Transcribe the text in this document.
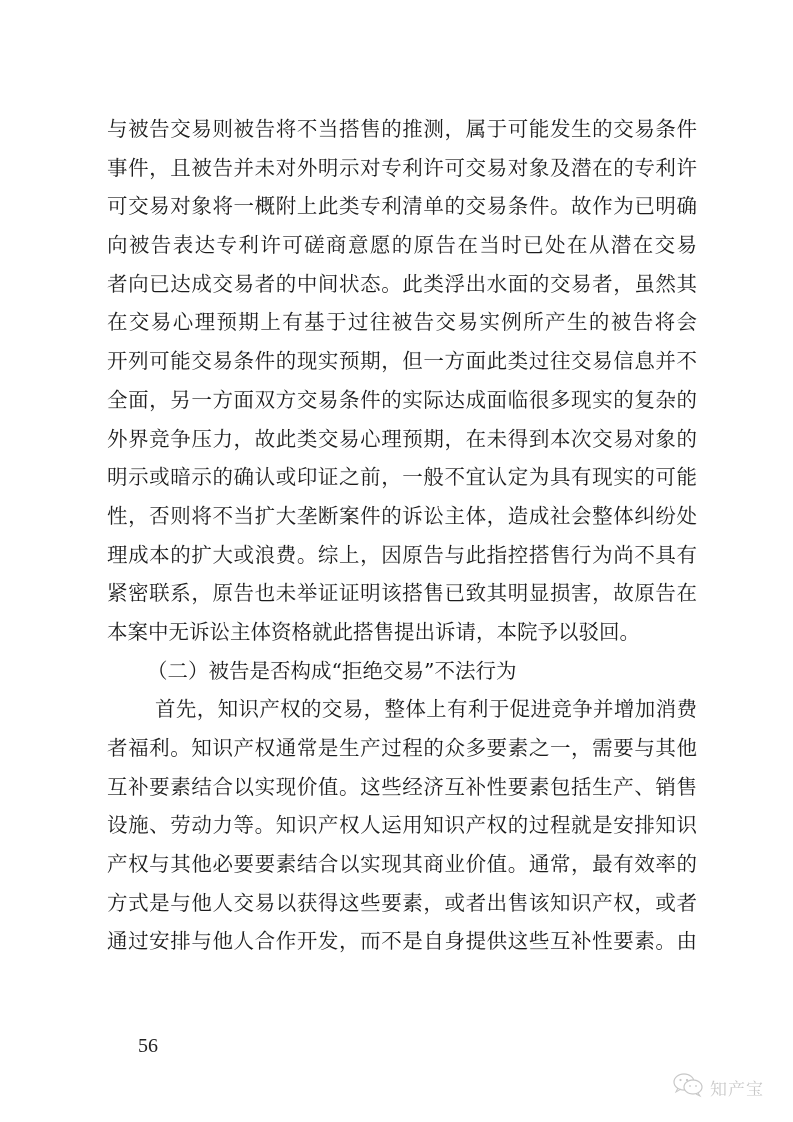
与被告交易则被告将不当搭售的推测，属于可能发生的交易条件
事件，且被告并未对外明示对专利许可交易对象及潜在的专利许
可交易对象将一概附上此类专利清单的交易条件。故作为已明确
向被告表达专利许可磋商意愿的原告在当时已处在从潜在交易
者向已达成交易者的中间状态。此类浮出水面的交易者，虽然其
在交易心理预期上有基于过往被告交易实例所产生的被告将会
开列可能交易条件的现实预期，但一方面此类过往交易信息并不
全面，另一方面双方交易条件的实际达成面临很多现实的复杂的
外界竞争压力，故此类交易心理预期，在未得到本次交易对象的
明示或暗示的确认或印证之前，一般不宜认定为具有现实的可能
性，否则将不当扩大垄断案件的诉讼主体，造成社会整体纠纷处
理成本的扩大或浪费。综上，因原告与此指控搭售行为尚不具有
紧密联系，原告也未举证证明该搭售已致其明显损害，故原告在
本案中无诉讼主体资格就此搭售提出诉请，本院予以驳回。
（二）被告是否构成“拒绝交易”不法行为
首先，知识产权的交易，整体上有利于促进竞争并增加消费
者福利。知识产权通常是生产过程的众多要素之一，需要与其他
互补要素结合以实现价值。这些经济互补性要素包括生产、销售
设施、劳动力等。知识产权人运用知识产权的过程就是安排知识
产权与其他必要要素结合以实现其商业价值。通常，最有效率的
方式是与他人交易以获得这些要素，或者出售该知识产权，或者
通过安排与他人合作开发，而不是自身提供这些互补性要素。由
56
知产宝
